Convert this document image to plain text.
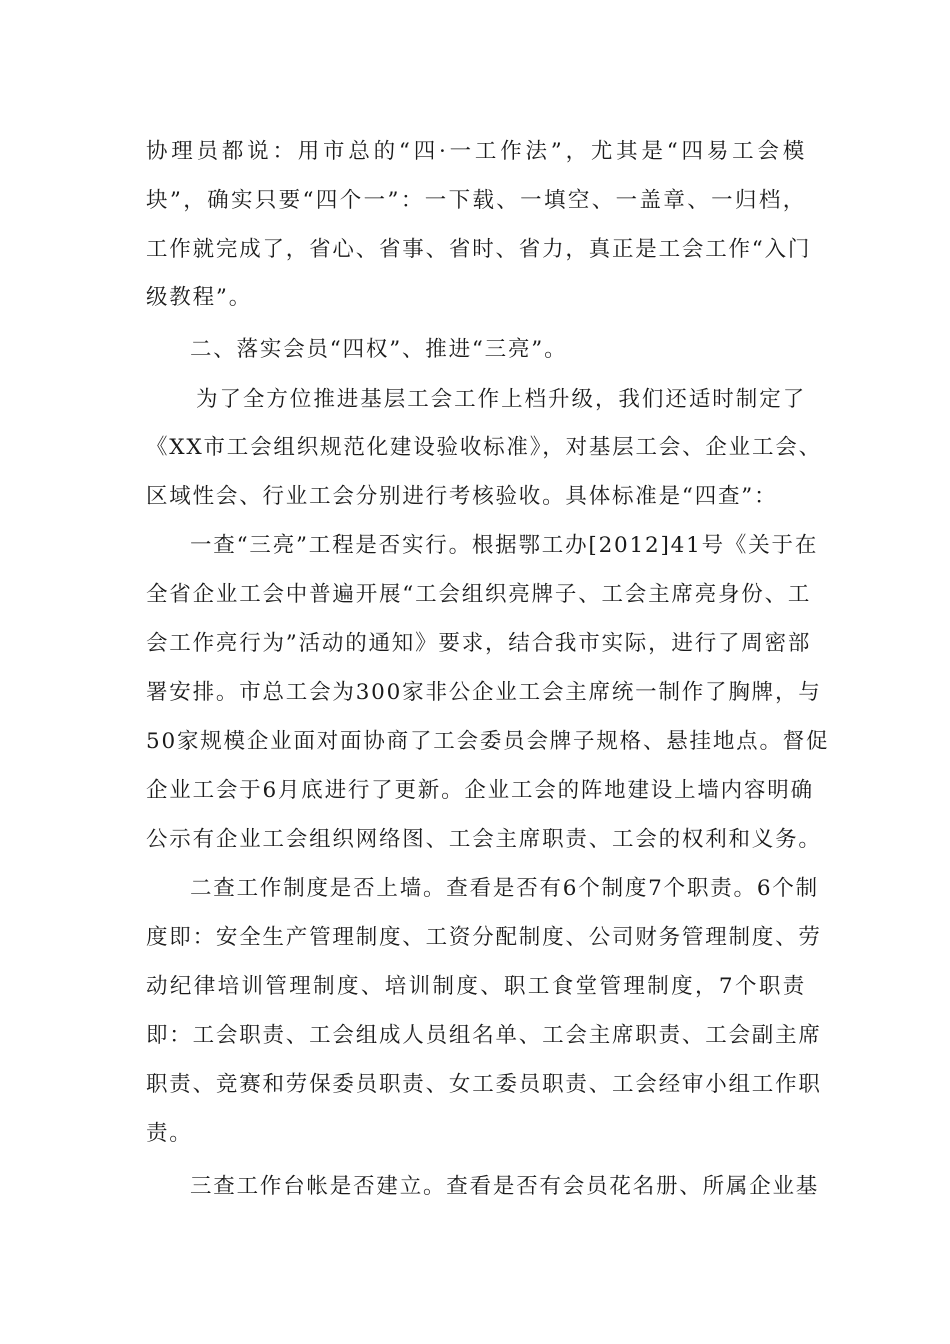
协理员都说：用市总的“四·一工作法”，尤其是“四易工会模
块”，确实只要“四个一”：一下载、一填空、一盖章、一归档，
工作就完成了，省心、省事、省时、省力，真正是工会工作“入门
级教程”。
二、落实会员“四权”、推进“三亮”。
为了全方位推进基层工会工作上档升级，我们还适时制定了
《XX市工会组织规范化建设验收标准》，对基层工会、企业工会、
区域性会、行业工会分别进行考核验收。具体标准是“四查”：
一查“三亮”工程是否实行。根据鄂工办[2012]41号《关于在
全省企业工会中普遍开展“工会组织亮牌子、工会主席亮身份、工
会工作亮行为”活动的通知》要求，结合我市实际，进行了周密部
署安排。市总工会为300家非公企业工会主席统一制作了胸牌，与
50家规模企业面对面协商了工会委员会牌子规格、悬挂地点。督促
企业工会于6月底进行了更新。企业工会的阵地建设上墙内容明确
公示有企业工会组织网络图、工会主席职责、工会的权利和义务。
二查工作制度是否上墙。查看是否有6个制度7个职责。6个制
度即：安全生产管理制度、工资分配制度、公司财务管理制度、劳
动纪律培训管理制度、培训制度、职工食堂管理制度，7个职责
即：工会职责、工会组成人员组名单、工会主席职责、工会副主席
职责、竞赛和劳保委员职责、女工委员职责、工会经审小组工作职
责。
三查工作台帐是否建立。查看是否有会员花名册、所属企业基
